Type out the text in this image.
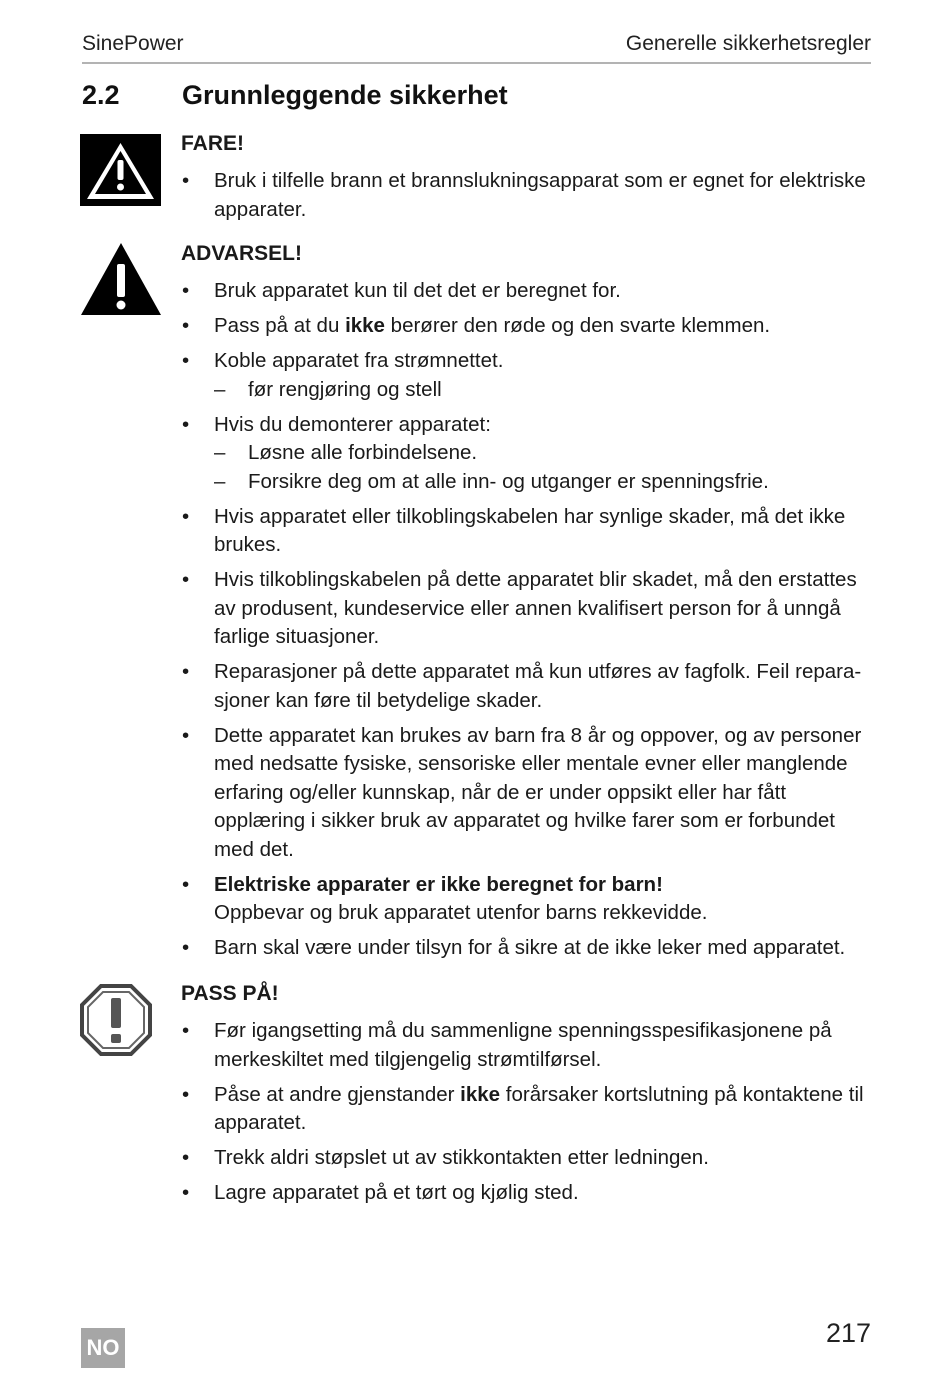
SinePower	Generelle sikkerhetsregler
2.2 Grunnleggende sikkerhet
FARE!
• Bruk i tilfelle brann et brannslukningsapparat som er egnet for elektriske apparater.
ADVARSEL!
• Bruk apparatet kun til det det er beregnet for.
• Pass på at du ikke berører den røde og den svarte klemmen.
• Koble apparatet fra strømnettet.
– før rengjøring og stell
• Hvis du demonterer apparatet:
– Løsne alle forbindelsene.
– Forsikre deg om at alle inn- og utganger er spenningsfrie.
• Hvis apparatet eller tilkoblingskabelen har synlige skader, må det ikke brukes.
• Hvis tilkoblingskabelen på dette apparatet blir skadet, må den erstattes av produsent, kundeservice eller annen kvalifisert person for å unngå farlige situasjoner.
• Reparasjoner på dette apparatet må kun utføres av fagfolk. Feil reparasjoner kan føre til betydelige skader.
• Dette apparatet kan brukes av barn fra 8 år og oppover, og av personer med nedsatte fysiske, sensoriske eller mentale evner eller manglende erfaring og/eller kunnskap, når de er under oppsikt eller har fått opplæring i sikker bruk av apparatet og hvilke farer som er forbundet med det.
• Elektriske apparater er ikke beregnet for barn!
Oppbevar og bruk apparatet utenfor barns rekkevidde.
• Barn skal være under tilsyn for å sikre at de ikke leker med apparatet.
PASS PÅ!
• Før igangsetting må du sammenligne spenningsspesifikasjonene på merkeskiltet med tilgjengelig strømtilførsel.
• Påse at andre gjenstander ikke forårsaker kortslutning på kontaktene til apparatet.
• Trekk aldri støpslet ut av stikkontakten etter ledningen.
• Lagre apparatet på et tørt og kjølig sted.
NO	217
